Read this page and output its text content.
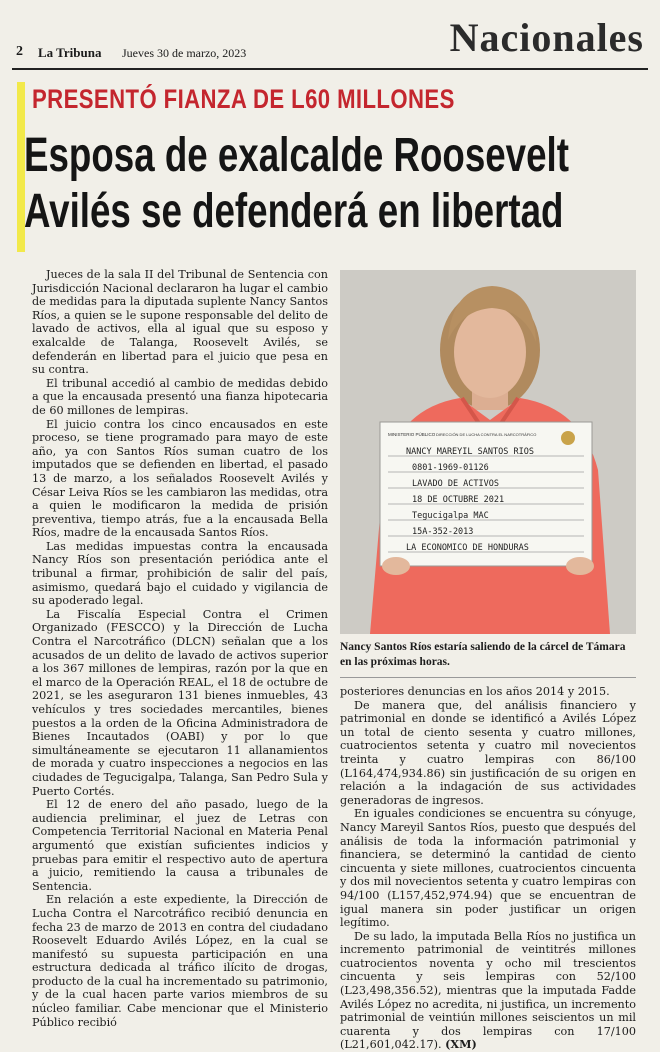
2 La Tribuna Jueves 30 de marzo, 2023	Nacionales
PRESENTÓ FIANZA DE L60 MILLONES
Esposa de exalcalde Roosevelt Avilés se defenderá en libertad

Jueces de la sala II del Tribunal de Sentencia con Jurisdicción Nacional declararon ha lugar el cambio de medidas para la diputada suplente Nancy Santos Ríos, a quien se le supone responsable del delito de lavado de activos, ella al igual que su esposo y exalcalde de Talanga, Roosevelt Avilés, se defenderán en libertad para el juicio que pesa en su contra.

El tribunal accedió al cambio de medidas debido a que la encausada presentó una fianza hipotecaria de 60 millones de lempiras.

El juicio contra los cinco encausados en este proceso, se tiene programado para mayo de este año, ya con Santos Ríos suman cuatro de los imputados que se defienden en libertad, el pasado 13 de marzo, a los señalados Roosevelt Avilés y César Leiva Ríos se les cambiaron las medidas, otra a quien le modificaron la medida de prisión preventiva, tiempo atrás, fue a la encausada Bella Ríos, madre de la encausada Santos Ríos.

Las medidas impuestas contra la encausada Nancy Ríos son presentación periódica ante el tribunal a firmar, prohibición de salir del país, asimismo, quedará bajo el cuidado y vigilancia de su apoderado legal.

La Fiscalía Especial Contra el Crimen Organizado (FESCCO) y la Dirección de Lucha Contra el Narcotráfico (DLCN) señalan que a los acusados de un delito de lavado de activos superior a los 367 millones de lempiras, razón por la que en el marco de la Operación REAL, el 18 de octubre de 2021, se les aseguraron 131 bienes inmuebles, 43 vehículos y tres sociedades mercantiles, bienes puestos a la orden de la Oficina Administradora de Bienes Incautados (OABI) y por lo que simultáneamente se ejecutaron 11 allanamientos de morada y cuatro inspecciones a negocios en las ciudades de Tegucigalpa, Talanga, San Pedro Sula y Puerto Cortés.

El 12 de enero del año pasado, luego de la audiencia preliminar, el juez de Letras con Competencia Territorial Nacional en Materia Penal argumentó que existían suficientes indicios y pruebas para emitir el respectivo auto de apertura a juicio, remitiendo la causa a tribunales de Sentencia.

En relación a este expediente, la Dirección de Lucha Contra el Narcotráfico recibió denuncia en fecha 23 de marzo de 2013 en contra del ciudadano Roosevelt Eduardo Avilés López, en la cual se manifestó su supuesta participación en una estructura dedicada al tráfico ilícito de drogas, producto de la cual ha incrementado su patrimonio, y de la cual hacen parte varios miembros de su núcleo familiar. Cabe mencionar que el Ministerio Público recibió

MINISTERIO PÚBLICO DIRECCIÓN DE LUCHA CONTRA EL NARCOTRÁFICO
NANCY MAREYIL SANTOS RIOS
0801-1969-01126
LAVADO DE ACTIVOS
18 DE OCTUBRE 2021
Tegucigalpa MAC
15A-352-2013
LA ECONOMICO DE HONDURAS
Nancy Santos Ríos estaría saliendo de la cárcel de Támara en las próximas horas.

posteriores denuncias en los años 2014 y 2015.

De manera que, del análisis financiero y patrimonial en donde se identificó a Avilés López un total de ciento sesenta y cuatro millones, cuatrocientos setenta y cuatro mil novecientos treinta y cuatro lempiras con 86/100 (L164,474,934.86) sin justificación de su origen en relación a la indagación de sus actividades generadoras de ingresos.

En iguales condiciones se encuentra su cónyuge, Nancy Mareyil Santos Ríos, puesto que después del análisis de toda la información patrimonial y financiera, se determinó la cantidad de ciento cincuenta y siete millones, cuatrocientos cincuenta y dos mil novecientos setenta y cuatro lempiras con 94/100 (L157,452,974.94) que se encuentran de igual manera sin poder justificar un origen legítimo.

De su lado, la imputada Bella Ríos no justifica un incremento patrimonial de veintitrés millones cuatrocientos noventa y ocho mil trescientos cincuenta y seis lempiras con 52/100 (L23,498,356.52), mientras que la imputada Fadde Avilés López no acredita, ni justifica, un incremento patrimonial de veintiún millones seiscientos un mil cuarenta y dos lempiras con 17/100 (L21,601,042.17). (XM)
